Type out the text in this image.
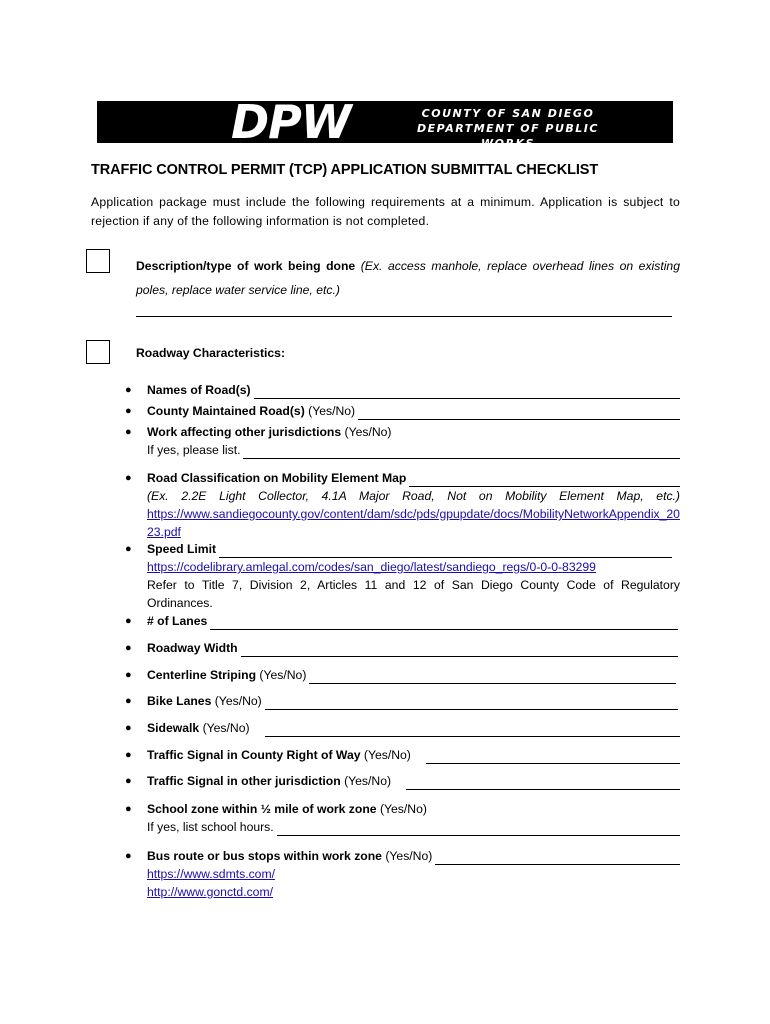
DPW	COUNTY OF SAN DIEGO
DEPARTMENT OF PUBLIC WORKS
TRAFFIC CONTROL PERMIT (TCP) APPLICATION SUBMITTAL CHECKLIST
Application package must include the following requirements at a minimum. Application is subject to rejection if any of the following information is not completed.
Description/type of work being done (Ex. access manhole, replace overhead lines on existing
poles, replace water service line, etc.)
Roadway Characteristics:
● Names of Road(s)
● County Maintained Road(s)
(Yes/No)
● Work affecting other jurisdictions
(Yes/No)
If yes, please list.
● Road Classification on Mobility Element Map
(Ex. 2.2E Light Collector, 4.1A Major Road, Not on Mobility Element Map, etc.)
https://www.sandiegocounty.gov/content/dam/sdc/pds/gpupdate/docs/MobilityNetworkAppendix_2023.pdf
● Speed Limit
https://codelibrary.amlegal.com/codes/san_diego/latest/sandiego_regs/0-0-0-83299
Refer to Title 7, Division 2, Articles 11 and 12 of San Diego County Code of Regulatory Ordinances.
● # of Lanes
● Roadway Width
● Centerline Striping
(Yes/No)
● Bike Lanes
(Yes/No)
● Sidewalk
(Yes/No)
● Traffic Signal in County Right of Way
(Yes/No)
● Traffic Signal in other jurisdiction
(Yes/No)
● School zone within ½ mile of work zone
(Yes/No)
If yes, list school hours.
● Bus route or bus stops within work zone
(Yes/No)
https://www.sdmts.com/
http://www.gonctd.com/
